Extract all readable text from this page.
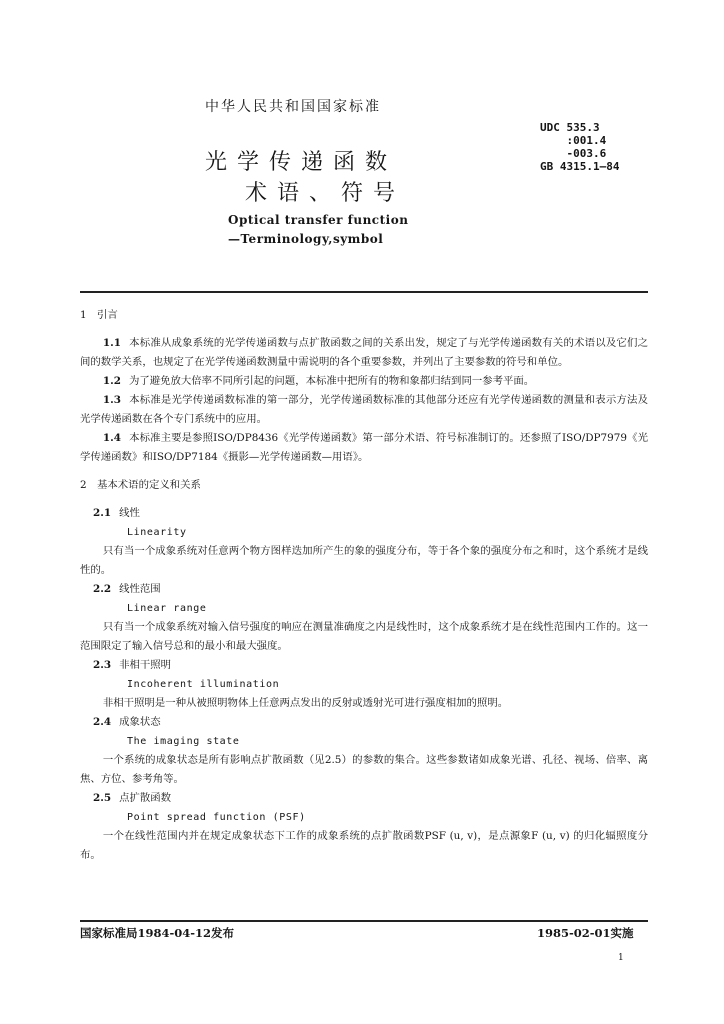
中华人民共和国国家标准
UDC 535.3
:001.4
-003.6
GB 4315.1—84
光学传递函数
术语、符号
Optical transfer function
—Terminology,symbol
1　引言
1.1 本标准从成象系统的光学传递函数与点扩散函数之间的关系出发，规定了与光学传递函数有关的术语以及它们之间的数学关系，也规定了在光学传递函数测量中需说明的各个重要参数，并列出了主要参数的符号和单位。
1.2 为了避免放大倍率不同所引起的问题，本标准中把所有的物和象都归结到同一参考平面。
1.3 本标准是光学传递函数标准的第一部分，光学传递函数标准的其他部分还应有光学传递函数的测量和表示方法及光学传递函数在各个专门系统中的应用。
1.4 本标准主要是参照ISO/DP8436《光学传递函数》第一部分术语、符号标准制订的。还参照了ISO/DP7979《光学传递函数》和ISO/DP7184《摄影—光学传递函数—用语》。
2　基本术语的定义和关系
2.1 线性
Linearity
只有当一个成象系统对任意两个物方图样迭加所产生的象的强度分布，等于各个象的强度分布之和时，这个系统才是线性的。
2.2 线性范围
Linear range
只有当一个成象系统对输入信号强度的响应在测量准确度之内是线性时，这个成象系统才是在线性范围内工作的。这一范围限定了输入信号总和的最小和最大强度。
2.3 非相干照明
Incoherent illumination
非相干照明是一种从被照明物体上任意两点发出的反射或透射光可进行强度相加的照明。
2.4 成象状态
The imaging state
一个系统的成象状态是所有影响点扩散函数（见2.5）的参数的集合。这些参数诸如成象光谱、孔径、视场、倍率、离焦、方位、参考角等。
2.5 点扩散函数
Point spread function (PSF)
一个在线性范围内并在规定成象状态下工作的成象系统的点扩散函数PSF (u, v)，是点源象F (u, v) 的归化辐照度分布。
国家标准局1984-04-12发布	1985-02-01实施
1
